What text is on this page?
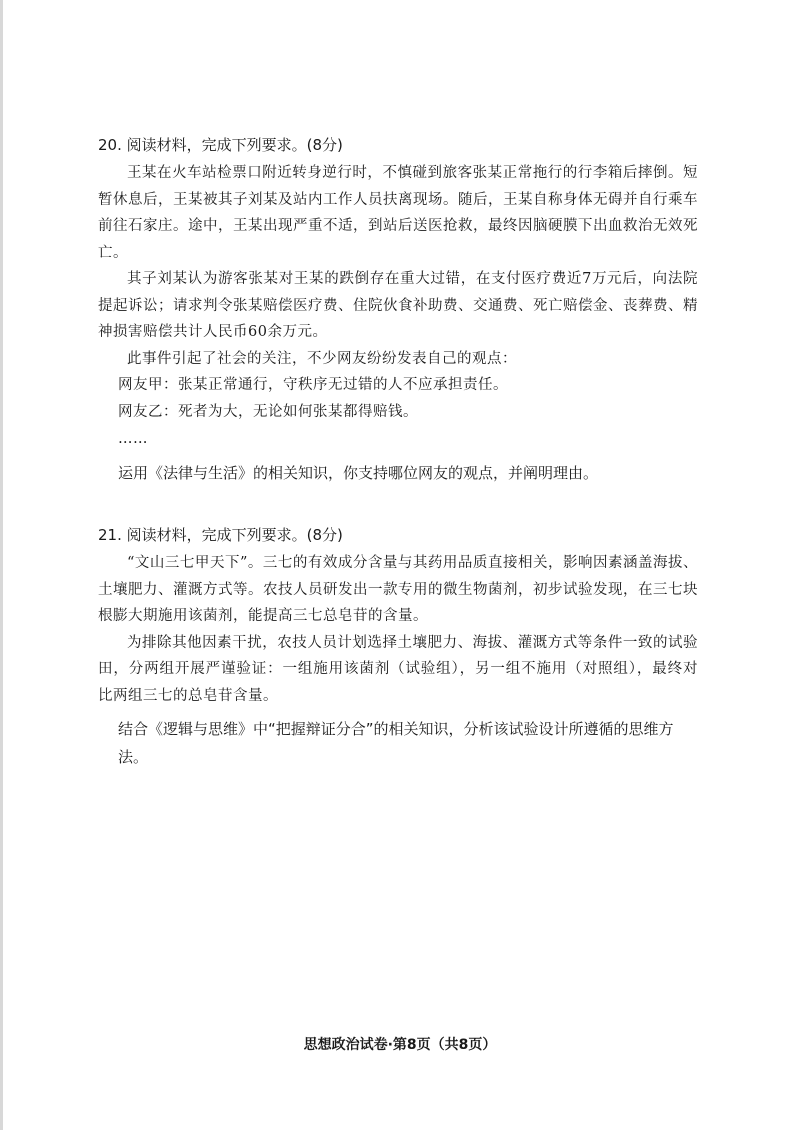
20. 阅读材料，完成下列要求。(8分)

王某在火车站检票口附近转身逆行时，不慎碰到旅客张某正常拖行的行李箱后摔倒。短暂休息后，王某被其子刘某及站内工作人员扶离现场。随后，王某自称身体无碍并自行乘车前往石家庄。途中，王某出现严重不适，到站后送医抢救，最终因脑硬膜下出血救治无效死亡。

其子刘某认为游客张某对王某的跌倒存在重大过错，在支付医疗费近7万元后，向法院提起诉讼；请求判令张某赔偿医疗费、住院伙食补助费、交通费、死亡赔偿金、丧葬费、精神损害赔偿共计人民币60余万元。

此事件引起了社会的关注，不少网友纷纷发表自己的观点：

网友甲：张某正常通行，守秩序无过错的人不应承担责任。

网友乙：死者为大，无论如何张某都得赔钱。

……

运用《法律与生活》的相关知识，你支持哪位网友的观点，并阐明理由。

21. 阅读材料，完成下列要求。(8分)

“文山三七甲天下”。三七的有效成分含量与其药用品质直接相关，影响因素涵盖海拔、土壤肥力、灌溉方式等。农技人员研发出一款专用的微生物菌剂，初步试验发现，在三七块根膨大期施用该菌剂，能提高三七总皂苷的含量。

为排除其他因素干扰，农技人员计划选择土壤肥力、海拔、灌溉方式等条件一致的试验田，分两组开展严谨验证：一组施用该菌剂（试验组），另一组不施用（对照组），最终对比两组三七的总皂苷含量。

结合《逻辑与思维》中“把握辩证分合”的相关知识，分析该试验设计所遵循的思维方法。

思想政治试卷·第8页（共8页）
